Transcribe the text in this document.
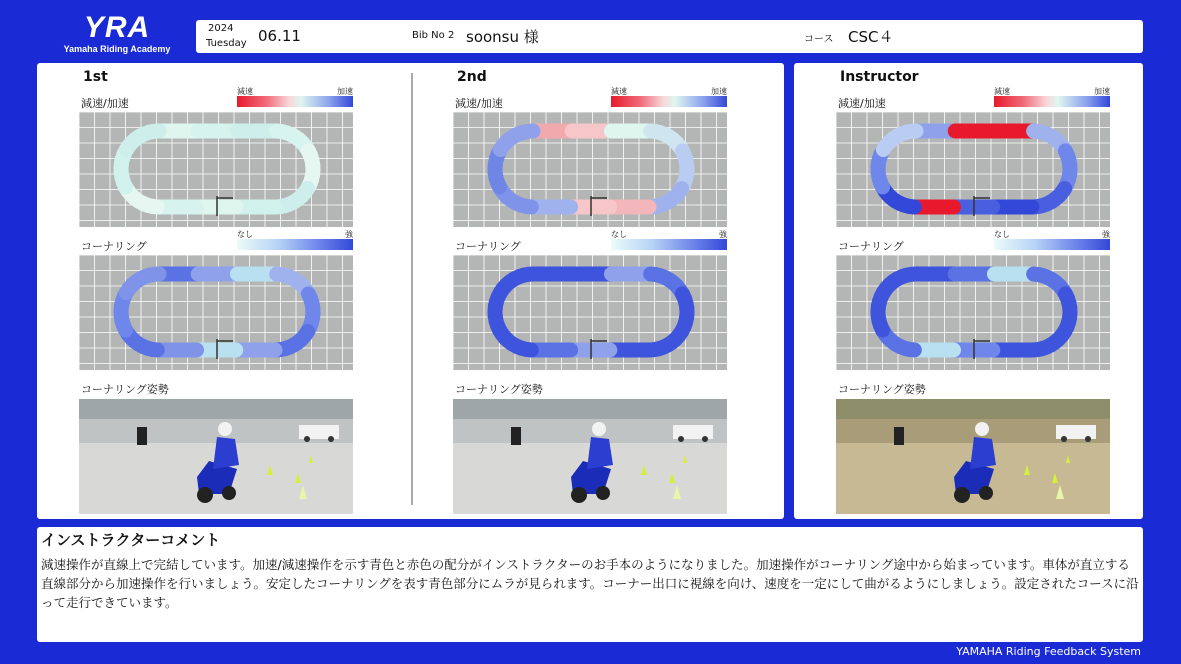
YRA
Yamaha Riding Academy
2024
Tuesday 06.11	Bib No 2 soonsu 様	コース CSC４
1st
減速/加速
減速	加速
コーナリング
なし	強
コーナリング姿勢
2nd
減速/加速
減速	加速
コーナリング
なし	強
コーナリング姿勢
Instructor
減速/加速
減速	加速
コーナリング
なし	強
コーナリング姿勢
インストラクターコメント
減速操作が直線上で完結しています。加速/減速操作を示す青色と赤色の配分がインストラクターのお手本のようになりました。加速操作がコーナリング途中から始まっています。車体が直立する直線部分から加速操作を行いましょう。安定したコーナリングを表す青色部分にムラが見られます。コーナー出口に視線を向け、速度を一定にして曲がるようにしましょう。設定されたコースに沿って走行できています。
YAMAHA Riding Feedback System
